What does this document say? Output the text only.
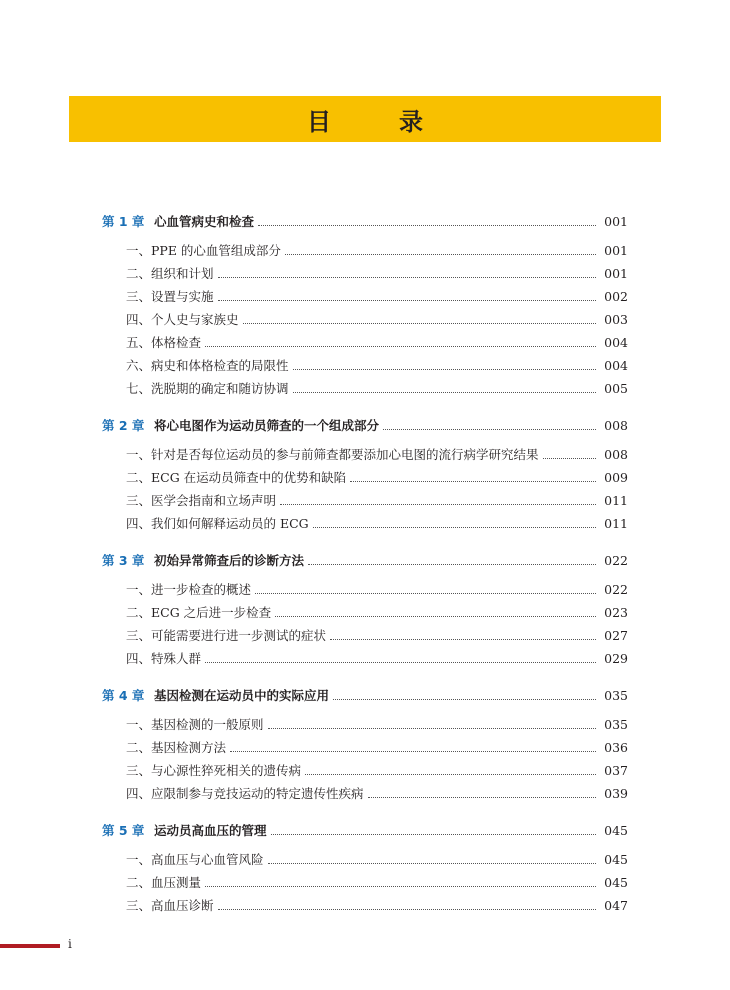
目　录
第 1 章 心血管病史和检查	001
一、PPE 的心血管组成部分	001
二、组织和计划	001
三、设置与实施	002
四、个人史与家族史	003
五、体格检查	004
六、病史和体格检查的局限性	004
七、洗脱期的确定和随访协调	005
第 2 章 将心电图作为运动员筛查的一个组成部分	008
一、针对是否每位运动员的参与前筛查都要添加心电图的流行病学研究结果	008
二、ECG 在运动员筛查中的优势和缺陷	009
三、医学会指南和立场声明	011
四、我们如何解释运动员的 ECG	011
第 3 章 初始异常筛查后的诊断方法	022
一、进一步检查的概述	022
二、ECG 之后进一步检查	023
三、可能需要进行进一步测试的症状	027
四、特殊人群	029
第 4 章 基因检测在运动员中的实际应用	035
一、基因检测的一般原则	035
二、基因检测方法	036
三、与心源性猝死相关的遗传病	037
四、应限制参与竞技运动的特定遗传性疾病	039
第 5 章 运动员高血压的管理	045
一、高血压与心血管风险	045
二、血压测量	045
三、高血压诊断	047
i
